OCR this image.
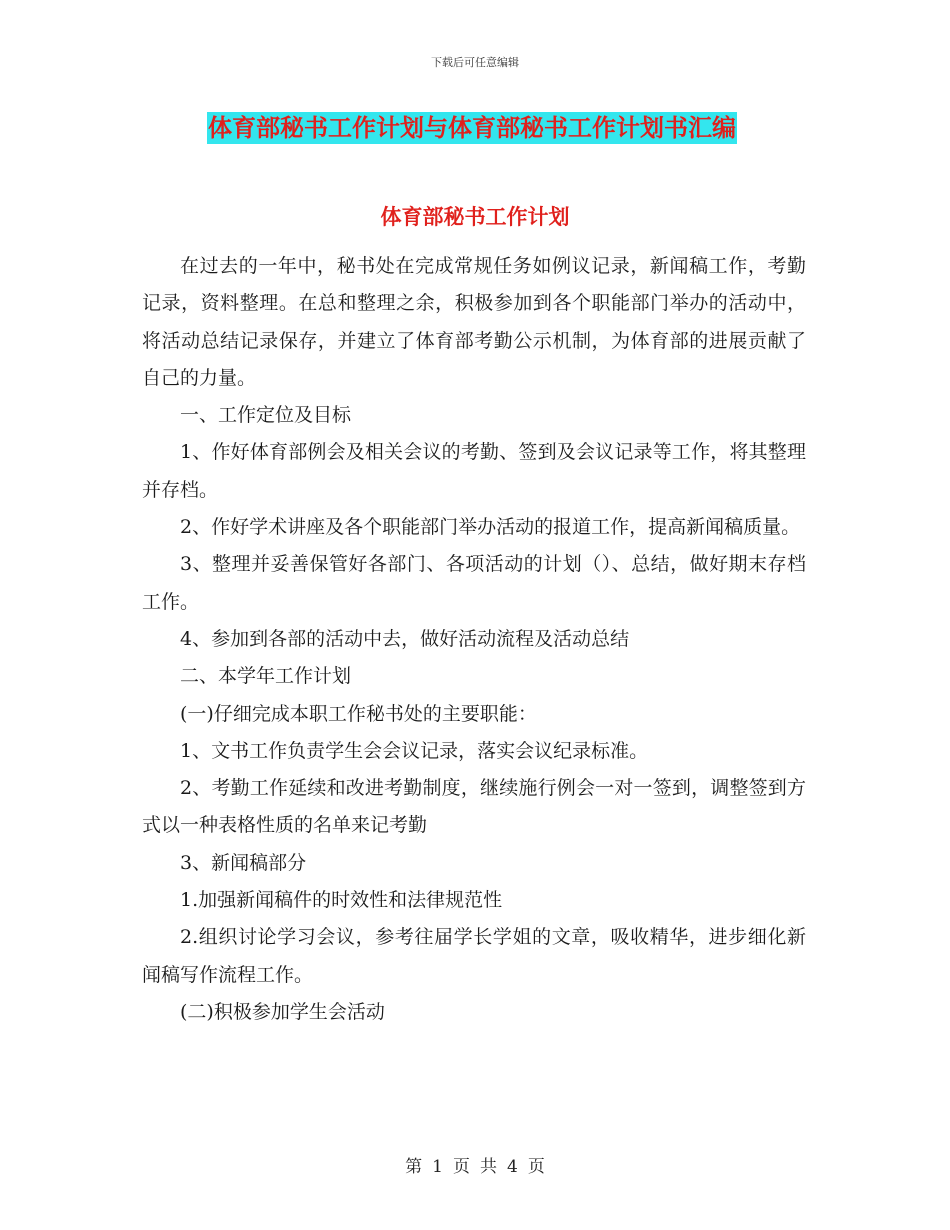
下载后可任意编辑
体育部秘书工作计划与体育部秘书工作计划书汇编
体育部秘书工作计划

在过去的一年中，秘书处在完成常规任务如例议记录，新闻稿工作，考勤记录，资料整理。在总和整理之余，积极参加到各个职能部门举办的活动中，将活动总结记录保存，并建立了体育部考勤公示机制，为体育部的进展贡献了自己的力量。

一、工作定位及目标

1、作好体育部例会及相关会议的考勤、签到及会议记录等工作，将其整理并存档。

2、作好学术讲座及各个职能部门举办活动的报道工作，提高新闻稿质量。

3、整理并妥善保管好各部门、各项活动的计划（）、总结，做好期末存档工作。

4、参加到各部的活动中去，做好活动流程及活动总结

二、本学年工作计划

(一)仔细完成本职工作秘书处的主要职能：

1、文书工作负责学生会会议记录，落实会议纪录标准。

2、考勤工作延续和改进考勤制度，继续施行例会一对一签到，调整签到方式以一种表格性质的名单来记考勤

3、新闻稿部分

1.加强新闻稿件的时效性和法律规范性

2.组织讨论学习会议，参考往届学长学姐的文章，吸收精华，进步细化新闻稿写作流程工作。

(二)积极参加学生会活动

第 1 页 共 4 页
